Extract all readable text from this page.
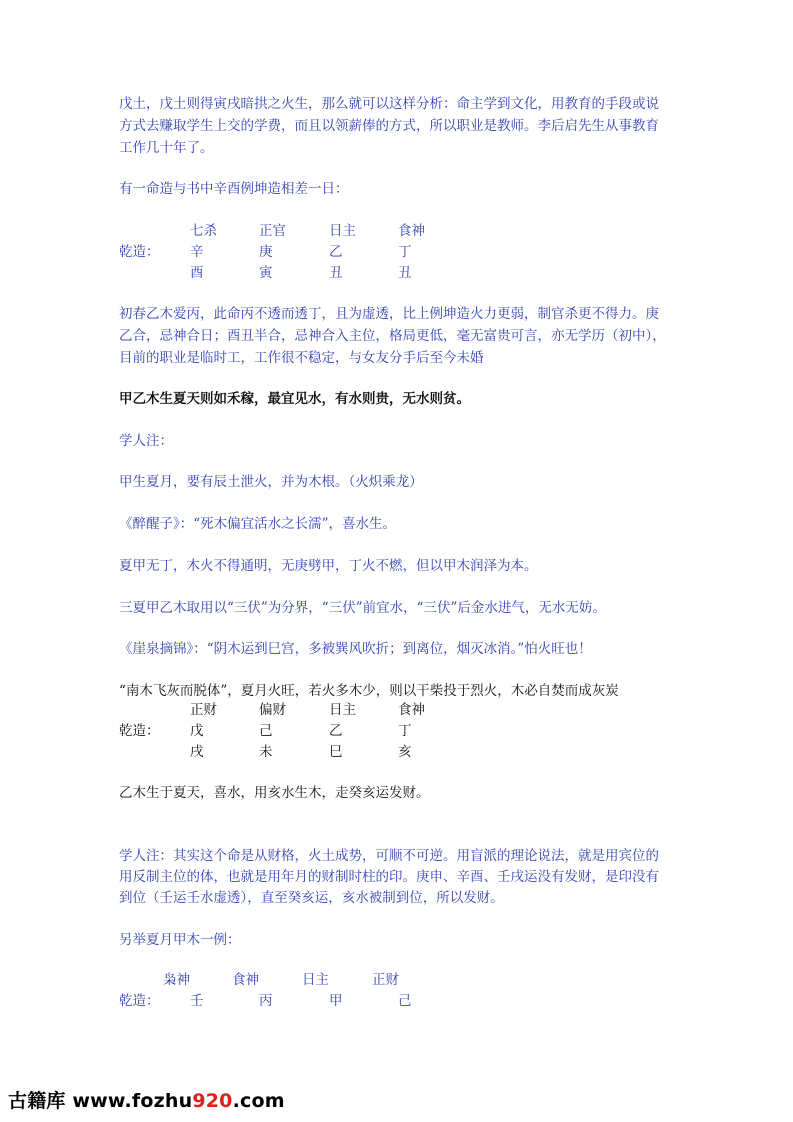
戊土，戊土则得寅戌暗拱之火生，那么就可以这样分析：命主学到文化，用教育的手段或说
方式去赚取学生上交的学费，而且以领薪俸的方式，所以职业是教师。李后启先生从事教育
工作几十年了。
有一命造与书中辛酉例坤造相差一日：
七杀	正官	日主	食神
乾造： 辛	庚	乙	丁
酉	寅	丑	丑
初春乙木爱丙，此命丙不透而透丁，且为虚透，比上例坤造火力更弱，制官杀更不得力。庚
乙合，忌神合日；酉丑半合，忌神合入主位，格局更低，毫无富贵可言，亦无学历（初中），
目前的职业是临时工，工作很不稳定，与女友分手后至今未婚
甲乙木生夏天则如禾稼，最宜见水，有水则贵，无水则贫。
学人注：
甲生夏月，要有辰土泄火，并为木根。（火炽乘龙）
《醉醒子》：“死木偏宜活水之长濡”，喜水生。
夏甲无丁，木火不得通明，无庚劈甲，丁火不燃，但以甲木润泽为本。
三夏甲乙木取用以“三伏”为分界，“三伏”前宜水，“三伏”后金水进气，无水无妨。
《崖泉摘锦》：“阴木运到巳宫，多被巽风吹折；到离位，烟灭冰消。”怕火旺也！
“南木飞灰而脱体”，夏月火旺，若火多木少，则以干柴投于烈火，木必自焚而成灰炭
正财	偏财	日主	食神
乾造： 戊	己	乙	丁
戌	未	巳	亥
乙木生于夏天，喜水，用亥水生木，走癸亥运发财。
学人注：其实这个命是从财格，火土成势，可顺不可逆。用盲派的理论说法，就是用宾位的
用反制主位的体，也就是用年月的财制时柱的印。庚申、辛酉、壬戌运没有发财，是印没有
到位（壬运壬水虚透），直至癸亥运，亥水被制到位，所以发财。
另举夏月甲木一例：
枭神	食神	日主	正财
乾造： 壬	丙	甲	己
古籍库 www.fozhu920.com
